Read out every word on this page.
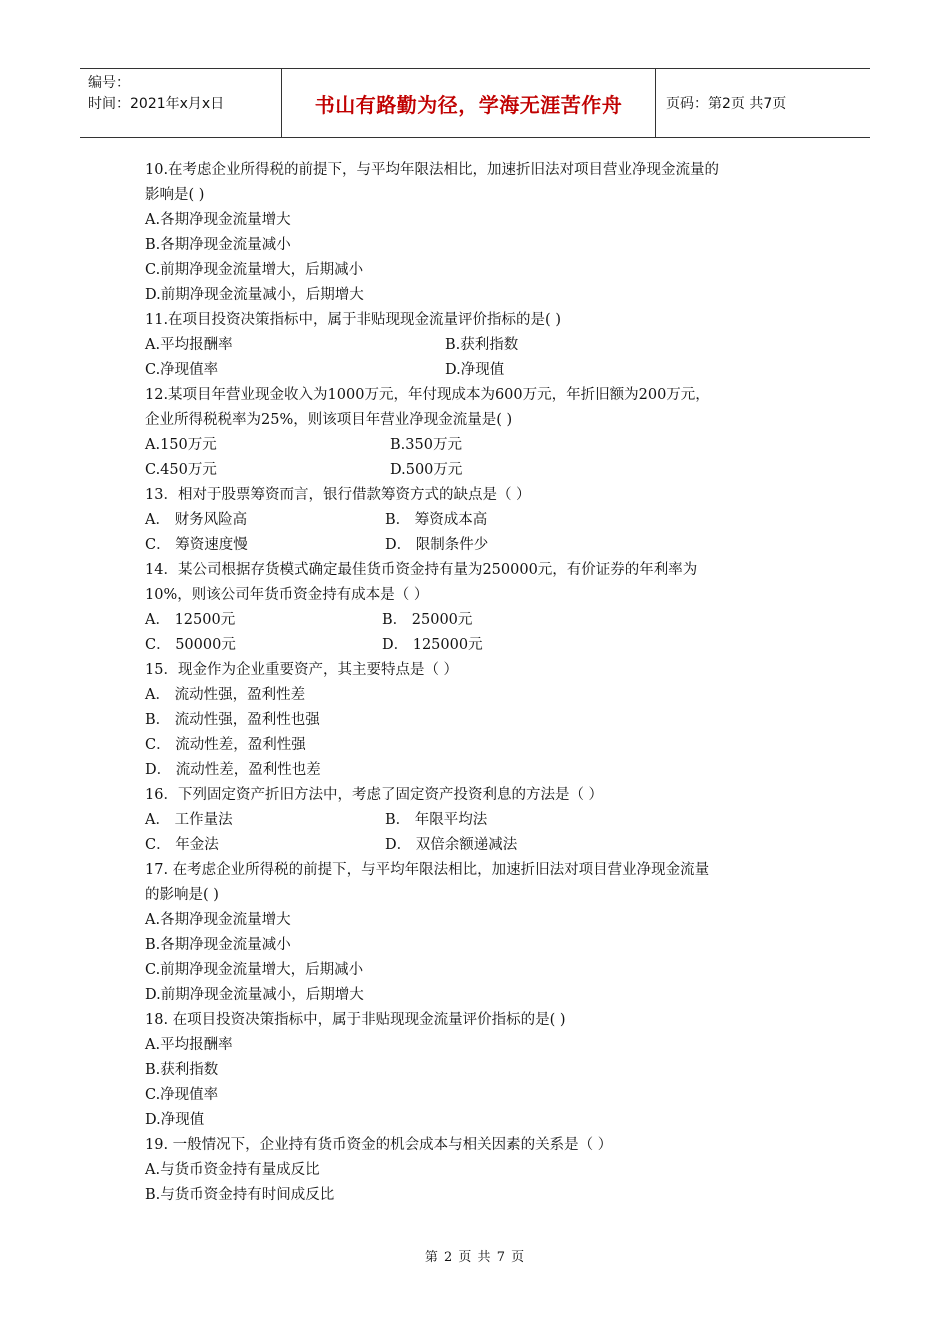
编号：
时间：2021年x月x日	书山有路勤为径，学海无涯苦作舟	页码：第2页 共7页
10.在考虑企业所得税的前提下，与平均年限法相比，加速折旧法对项目营业净现金流量的
影响是( )
A.各期净现金流量增大
B.各期净现金流量减小
C.前期净现金流量增大，后期减小
D.前期净现金流量减小，后期增大
11.在项目投资决策指标中，属于非贴现现金流量评价指标的是( )
A.平均报酬率	B.获利指数
C.净现值率	D.净现值
12.某项目年营业现金收入为1000万元，年付现成本为600万元，年折旧额为200万元，
企业所得税税率为25%，则该项目年营业净现金流量是( )
A.150万元	B.350万元
C.450万元	D.500万元
13．相对于股票筹资而言，银行借款筹资方式的缺点是（ ）
A． 财务风险高	B． 筹资成本高
C． 筹资速度慢	D． 限制条件少
14．某公司根据存货模式确定最佳货币资金持有量为250000元，有价证券的年利率为
10%，则该公司年货币资金持有成本是（ ）
A． 12500元	B． 25000元
C． 50000元	D． 125000元
15．现金作为企业重要资产，其主要特点是（ ）
A． 流动性强，盈利性差
B． 流动性强，盈利性也强
C． 流动性差，盈利性强
D． 流动性差，盈利性也差
16．下列固定资产折旧方法中，考虑了固定资产投资利息的方法是（ ）
A． 工作量法	B． 年限平均法
C． 年金法	D． 双倍余额递减法
17. 在考虑企业所得税的前提下，与平均年限法相比，加速折旧法对项目营业净现金流量
的影响是( )
A.各期净现金流量增大
B.各期净现金流量减小
C.前期净现金流量增大，后期减小
D.前期净现金流量减小，后期增大
18. 在项目投资决策指标中，属于非贴现现金流量评价指标的是( )
A.平均报酬率
B.获利指数
C.净现值率
D.净现值
19. 一般情况下，企业持有货币资金的机会成本与相关因素的关系是（ ）
A.与货币资金持有量成反比
B.与货币资金持有时间成反比
第 2 页 共 7 页
